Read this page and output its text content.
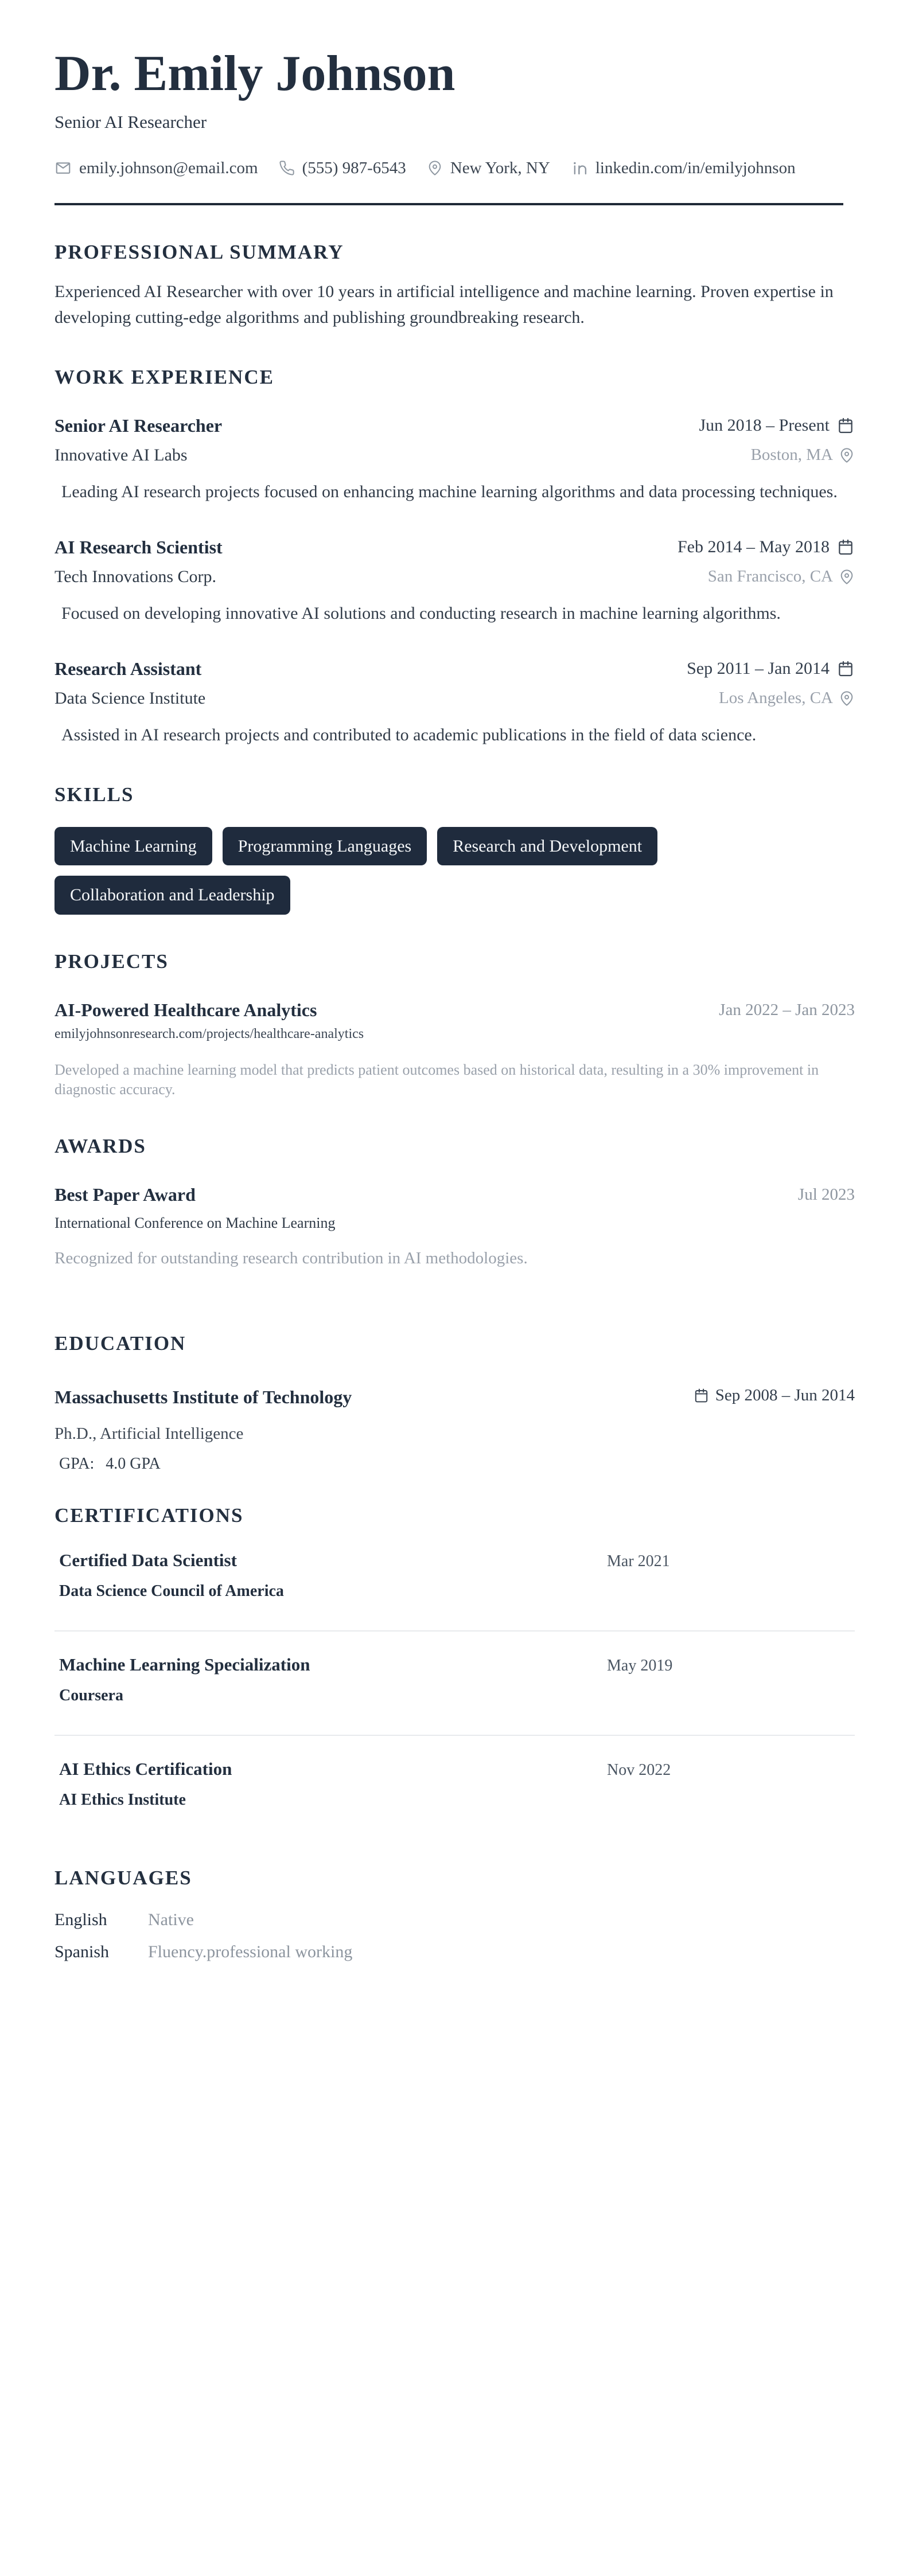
Dr. Emily Johnson
Senior AI Researcher
emily.johnson@email.com	(555) 987-6543	New York, NY	linkedin.com/in/emilyjohnson
PROFESSIONAL SUMMARY
Experienced AI Researcher with over 10 years in artificial intelligence and machine learning. Proven expertise in developing cutting-edge algorithms and publishing groundbreaking research.
WORK EXPERIENCE
Senior AI Researcher	Jun 2018 – Present
Innovative AI Labs	Boston, MA
Leading AI research projects focused on enhancing machine learning algorithms and data processing techniques.
AI Research Scientist	Feb 2014 – May 2018
Tech Innovations Corp.	San Francisco, CA
Focused on developing innovative AI solutions and conducting research in machine learning algorithms.
Research Assistant	Sep 2011 – Jan 2014
Data Science Institute	Los Angeles, CA
Assisted in AI research projects and contributed to academic publications in the field of data science.
SKILLS
Machine Learning	Programming Languages	Research and Development
Collaboration and Leadership
PROJECTS
AI-Powered Healthcare Analytics	Jan 2022 – Jan 2023
emilyjohnsonresearch.com/projects/healthcare-analytics
Developed a machine learning model that predicts patient outcomes based on historical data, resulting in a 30% improvement in diagnostic accuracy.
AWARDS
Best Paper Award	Jul 2023
International Conference on Machine Learning
Recognized for outstanding research contribution in AI methodologies.
EDUCATION
Massachusetts Institute of Technology	Sep 2008 – Jun 2014
Ph.D., Artificial Intelligence
GPA: 4.0 GPA
CERTIFICATIONS
Certified Data Scientist	Mar 2021
Data Science Council of America
Machine Learning Specialization	May 2019
Coursera
AI Ethics Certification	Nov 2022
AI Ethics Institute
LANGUAGES
English	Native
Spanish	Fluency.professional working
